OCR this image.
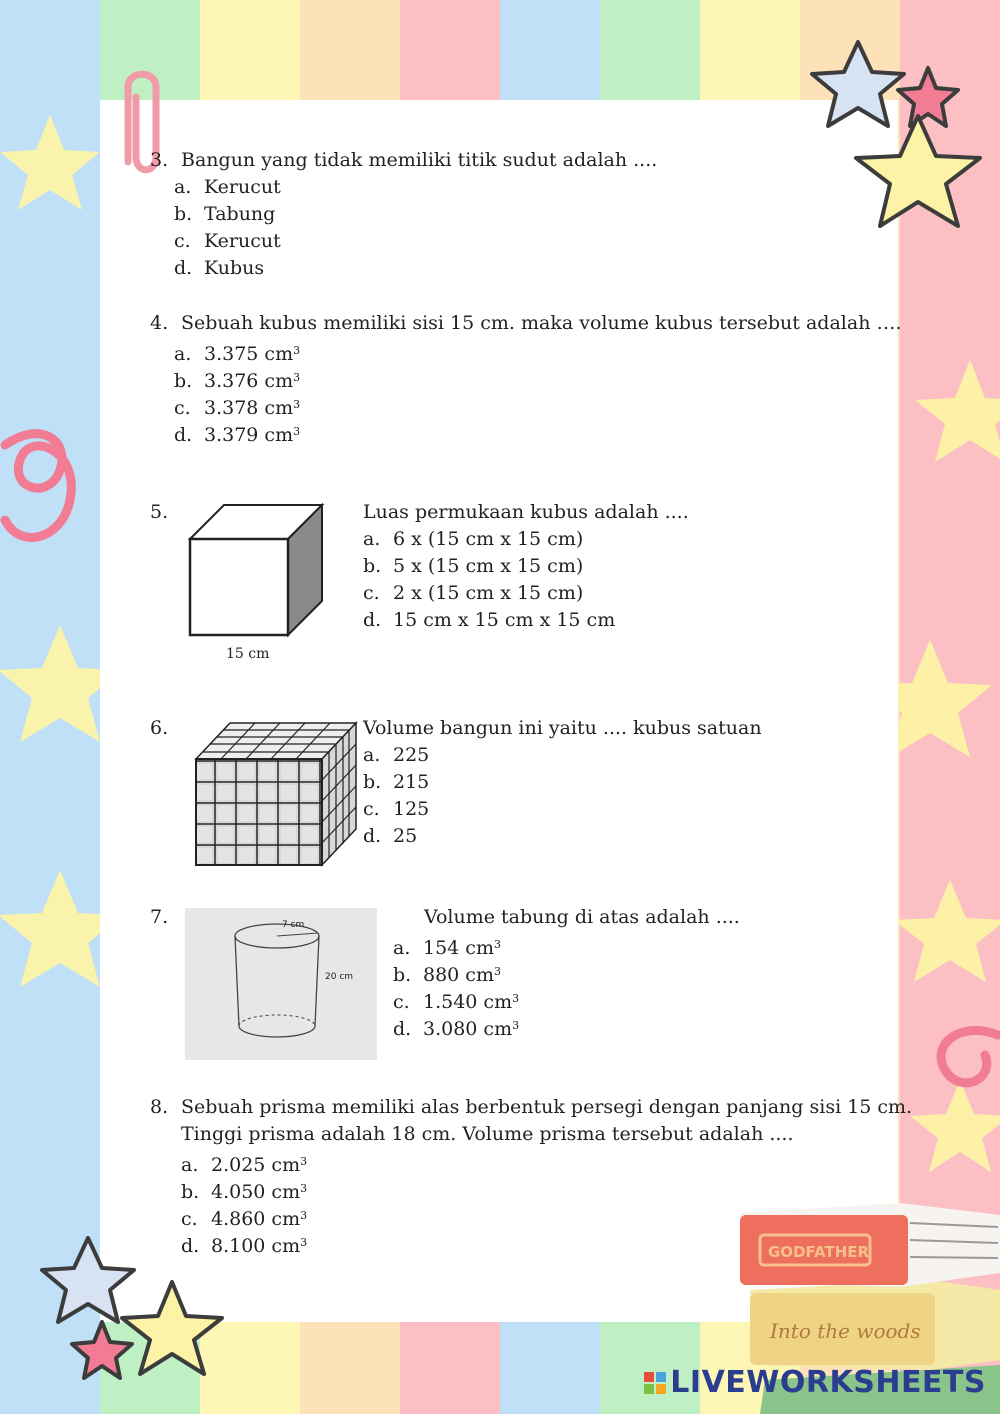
Into the woods
GODFATHER
3. Bangun yang tidak memiliki titik sudut adalah ....
a. Kerucut
b. Tabung
c. Kerucut
d. Kubus
4. Sebuah kubus memiliki sisi 15 cm. maka volume kubus tersebut adalah ….
a. 3.375 $cm^3$
b. 3.376 $cm^3$
c. 3.378 $cm^3$
d. 3.379 $cm^3$
5.
15 cm
Luas permukaan kubus adalah ....
a. 6 x (15 cm x 15 cm)
b. 5 x (15 cm x 15 cm)
c. 2 x (15 cm x 15 cm)
d. 15 cm x 15 cm x 15 cm
6.	Volume bangun ini yaitu .... kubus satuan
a. 225
b. 215
c. 125
d. 25
7.	7 cm
20 cm
Volume tabung di atas adalah ....
a. 154 $cm^3$
b. 880 $cm^3$
c. 1.540 $cm^3$
d. 3.080 $cm^3$
8. Sebuah prisma memiliki alas berbentuk persegi dengan panjang sisi 15 cm.
Tinggi prisma adalah 18 cm. Volume prisma tersebut adalah ....
a. 2.025 $cm^3$
b. 4.050 $cm^3$
c. 4.860 $cm^3$
d. 8.100 $cm^3$
LIVEWORKSHEETS
